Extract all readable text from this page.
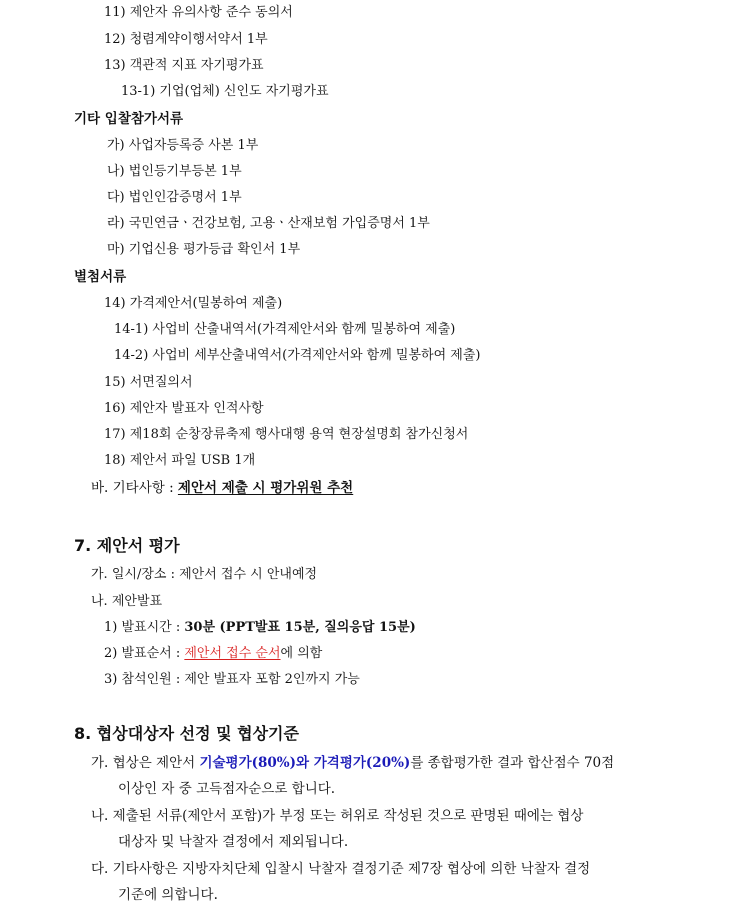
11) 제안자 유의사항 준수 동의서
12) 청렴계약이행서약서 1부
13) 객관적 지표 자기평가표
13-1) 기업(업체) 신인도 자기평가표
기타 입찰참가서류
가) 사업자등록증 사본 1부
나) 법인등기부등본 1부
다) 법인인감증명서 1부
라) 국민연금ㆍ건강보험, 고용ㆍ산재보험 가입증명서 1부
마) 기업신용 평가등급 확인서 1부
별첨서류
14) 가격제안서(밀봉하여 제출)
14-1) 사업비 산출내역서(가격제안서와 함께 밀봉하여 제출)
14-2) 사업비 세부산출내역서(가격제안서와 함께 밀봉하여 제출)
15) 서면질의서
16) 제안자 발표자 인적사항
17) 제18회 순창장류축제 행사대행 용역 현장설명회 참가신청서
18) 제안서 파일 USB 1개
바. 기타사항 : 제안서 제출 시 평가위원 추천
7. 제안서 평가
가. 일시/장소 : 제안서 접수 시 안내예정
나. 제안발표
1) 발표시간 : 30분 (PPT발표 15분, 질의응답 15분)
2) 발표순서 : 제안서 접수 순서에 의함
3) 참석인원 : 제안 발표자 포함 2인까지 가능
8. 협상대상자 선정 및 협상기준
가. 협상은 제안서 기술평가(80%)와 가격평가(20%)를 종합평가한 결과 합산점수 70점
이상인 자 중 고득점자순으로 합니다.
나. 제출된 서류(제안서 포함)가 부정 또는 허위로 작성된 것으로 판명된 때에는 협상
대상자 및 낙찰자 결정에서 제외됩니다.
다. 기타사항은 지방자치단체 입찰시 낙찰자 결정기준 제7장 협상에 의한 낙찰자 결정
기준에 의합니다.
